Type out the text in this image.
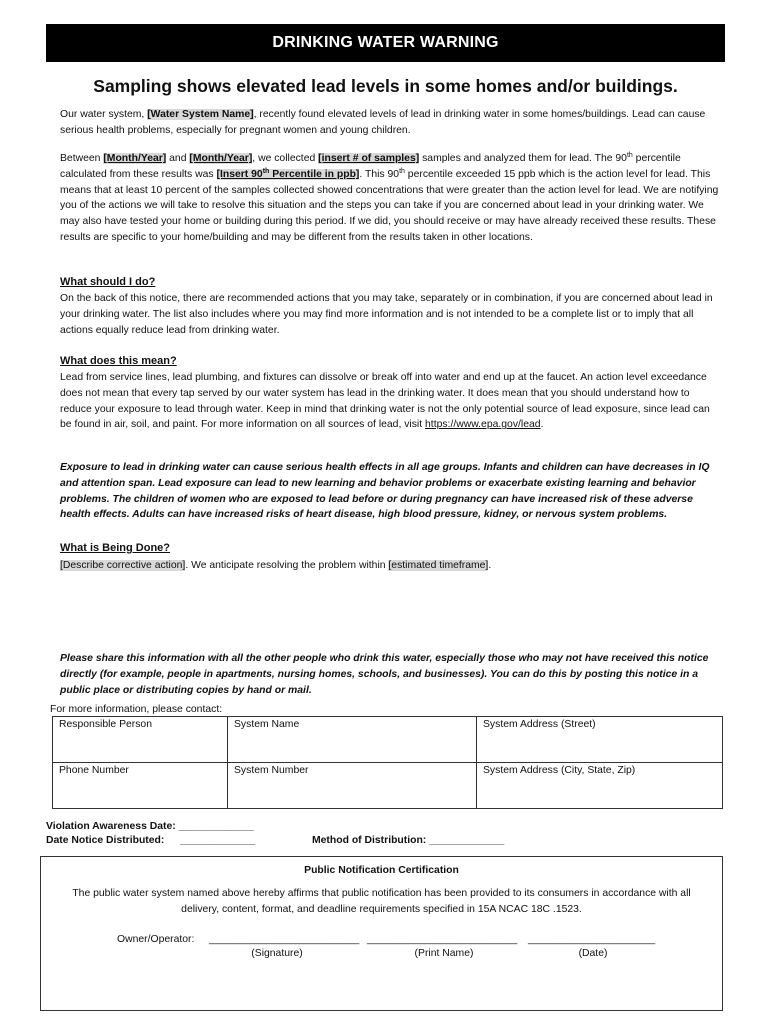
DRINKING WATER WARNING
Sampling shows elevated lead levels in some homes and/or buildings.
Our water system, [Water System Name], recently found elevated levels of lead in drinking water in some homes/buildings. Lead can cause serious health problems, especially for pregnant women and young children.
Between [Month/Year] and [Month/Year], we collected [insert # of samples] samples and analyzed them for lead. The 90th percentile calculated from these results was [Insert 90th Percentile in ppb]. This 90th percentile exceeded 15 ppb which is the action level for lead. This means that at least 10 percent of the samples collected showed concentrations that were greater than the action level for lead. We are notifying you of the actions we will take to resolve this situation and the steps you can take if you are concerned about lead in your drinking water. We may also have tested your home or building during this period. If we did, you should receive or may have already received these results. These results are specific to your home/building and may be different from the results taken in other locations.
What should I do?
On the back of this notice, there are recommended actions that you may take, separately or in combination, if you are concerned about lead in your drinking water. The list also includes where you may find more information and is not intended to be a complete list or to imply that all actions equally reduce lead from drinking water.
What does this mean?
Lead from service lines, lead plumbing, and fixtures can dissolve or break off into water and end up at the faucet. An action level exceedance does not mean that every tap served by our water system has lead in the drinking water. It does mean that you should understand how to reduce your exposure to lead through water. Keep in mind that drinking water is not the only potential source of lead exposure, since lead can be found in air, soil, and paint. For more information on all sources of lead, visit https://www.epa.gov/lead.
Exposure to lead in drinking water can cause serious health effects in all age groups. Infants and children can have decreases in IQ and attention span. Lead exposure can lead to new learning and behavior problems or exacerbate existing learning and behavior problems. The children of women who are exposed to lead before or during pregnancy can have increased risk of these adverse health effects. Adults can have increased risks of heart disease, high blood pressure, kidney, or nervous system problems.
What is Being Done?
[Describe corrective action]. We anticipate resolving the problem within [estimated timeframe].
Please share this information with all the other people who drink this water, especially those who may not have received this notice directly (for example, people in apartments, nursing homes, schools, and businesses). You can do this by posting this notice in a public place or distributing copies by hand or mail.
For more information, please contact:
Responsible Person	System Name	System Address (Street)
Phone Number	System Number	System Address (City, State, Zip)
Violation Awareness Date: _____________
Date Notice Distributed: _____________	Method of Distribution: _____________
Public Notification Certification
The public water system named above hereby affirms that public notification has been provided to its consumers in accordance with all delivery, content, format, and deadline requirements specified in 15A NCAC 18C .1523.
Owner/Operator: __________________________ __________________________ ______________________
(Signature)	(Print Name)	(Date)
